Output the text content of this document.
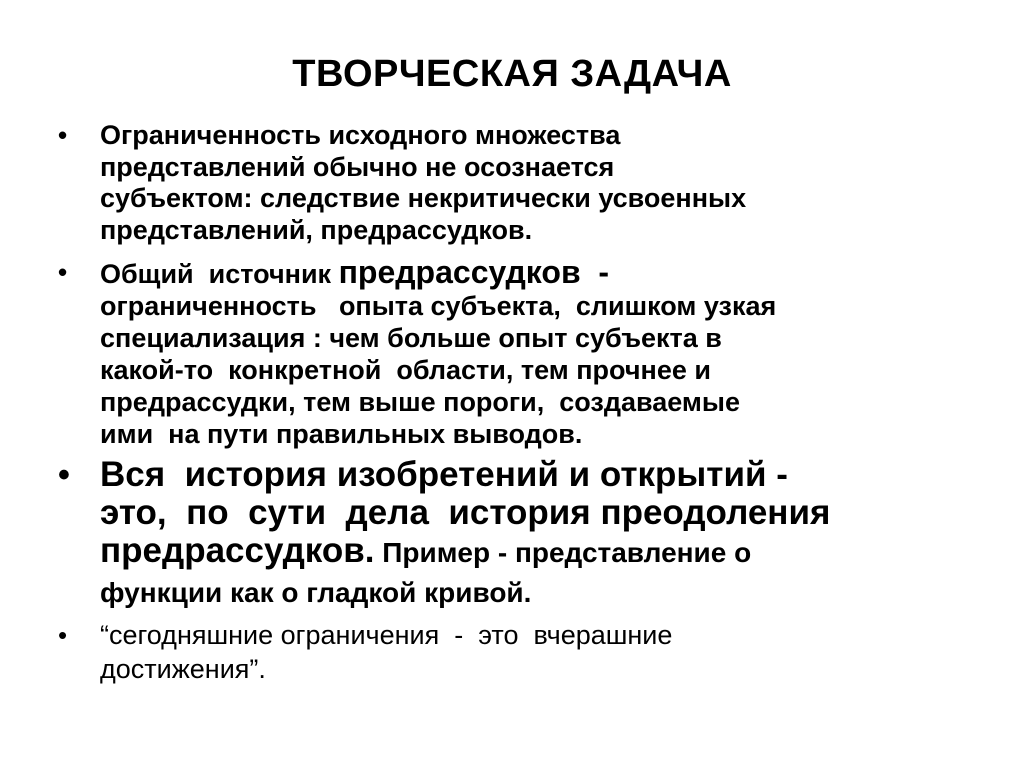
ТВОРЧЕСКАЯ ЗАДАЧА
• Ограниченность исходного множества
представлений обычно не осознается
субъектом: следствие некритически усвоенных
представлений, предрассудков.
• Общий  источник предрассудков  -
ограниченность   опыта субъекта,  слишком узкая
специализация : чем больше опыт субъекта в
какой-то  конкретной  области, тем прочнее и
предрассудки, тем выше пороги,  создаваемые
ими  на пути правильных выводов.
• Вся  история изобретений и открытий -
это,  по  сути  дела  история преодоления
предрассудков. Пример - представление о
функции как о гладкой кривой.
• “сегодняшние ограничения  -  это  вчерашние
достижения”.
